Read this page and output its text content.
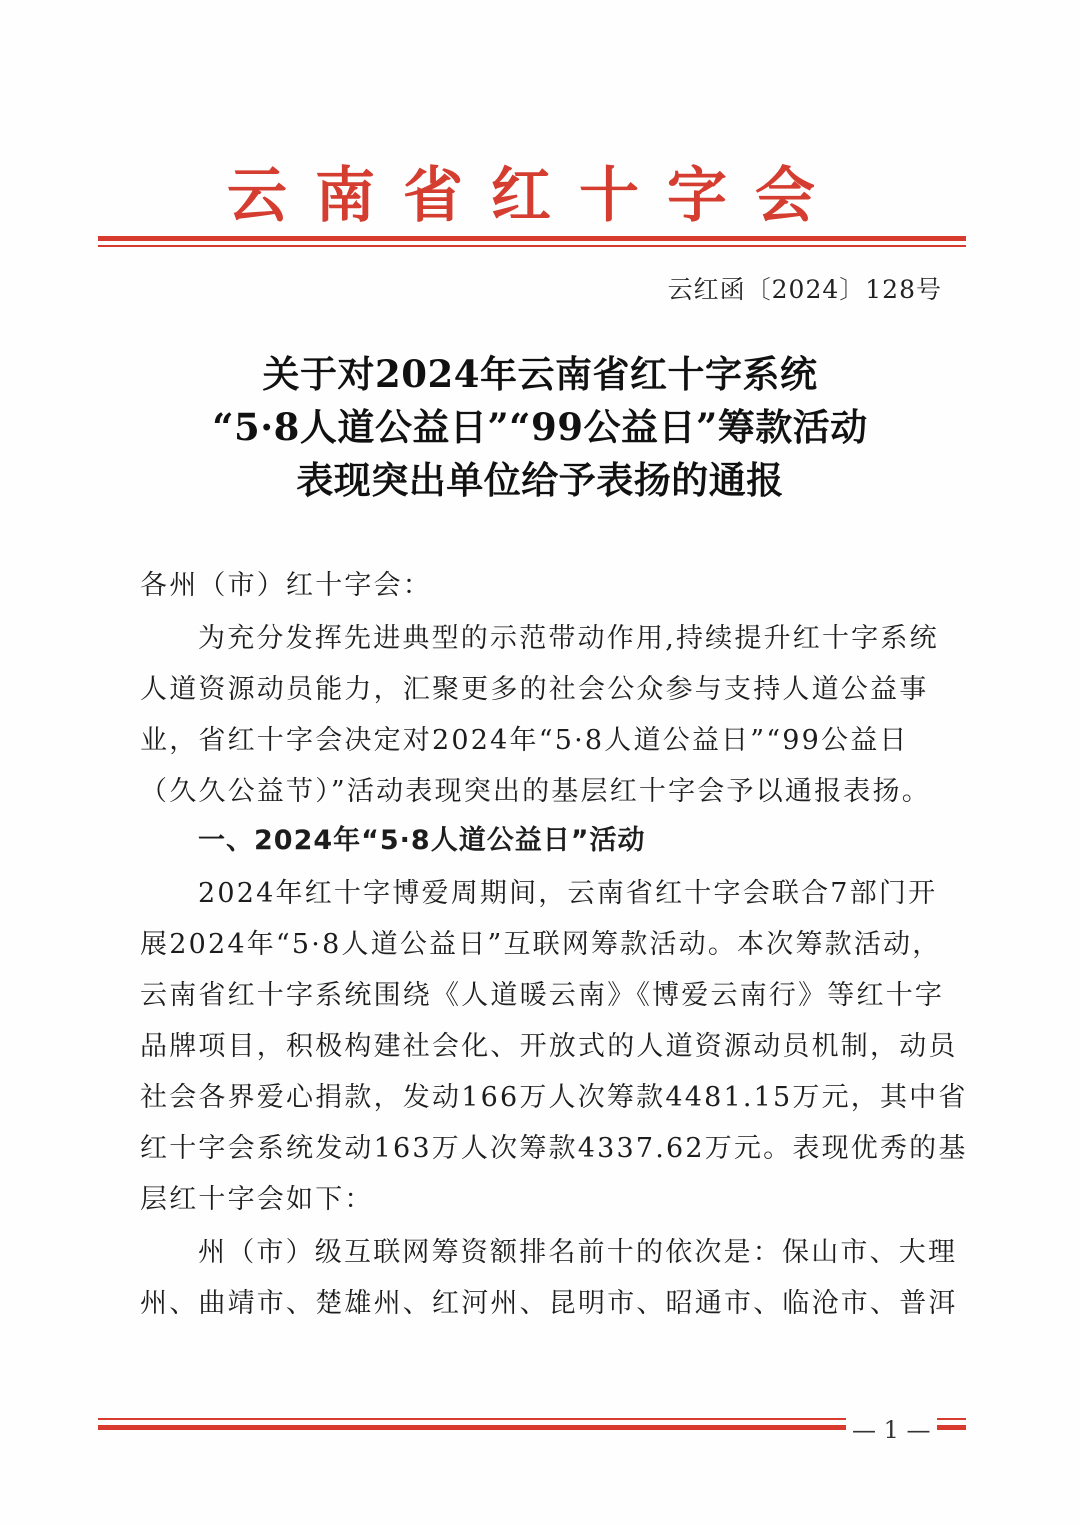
云南省红十字会
云红函〔2024〕128号
关于对2024年云南省红十字系统
“5·8人道公益日”“99公益日”筹款活动
表现突出单位给予表扬的通报
各州（市）红十字会：
为充分发挥先进典型的示范带动作用,持续提升红十字系统
人道资源动员能力，汇聚更多的社会公众参与支持人道公益事
业，省红十字会决定对2024年“5·8人道公益日”“99公益日
（久久公益节）”活动表现突出的基层红十字会予以通报表扬。
一、2024年“5·8人道公益日”活动
2024年红十字博爱周期间，云南省红十字会联合7部门开
展2024年“5·8人道公益日”互联网筹款活动。本次筹款活动，
云南省红十字系统围绕《人道暖云南》《博爱云南行》等红十字
品牌项目，积极构建社会化、开放式的人道资源动员机制，动员
社会各界爱心捐款，发动166万人次筹款4481.15万元，其中省
红十字会系统发动163万人次筹款4337.62万元。表现优秀的基
层红十字会如下：
州（市）级互联网筹资额排名前十的依次是：保山市、大理
州、曲靖市、楚雄州、红河州、昆明市、昭通市、临沧市、普洱
— 1 —
